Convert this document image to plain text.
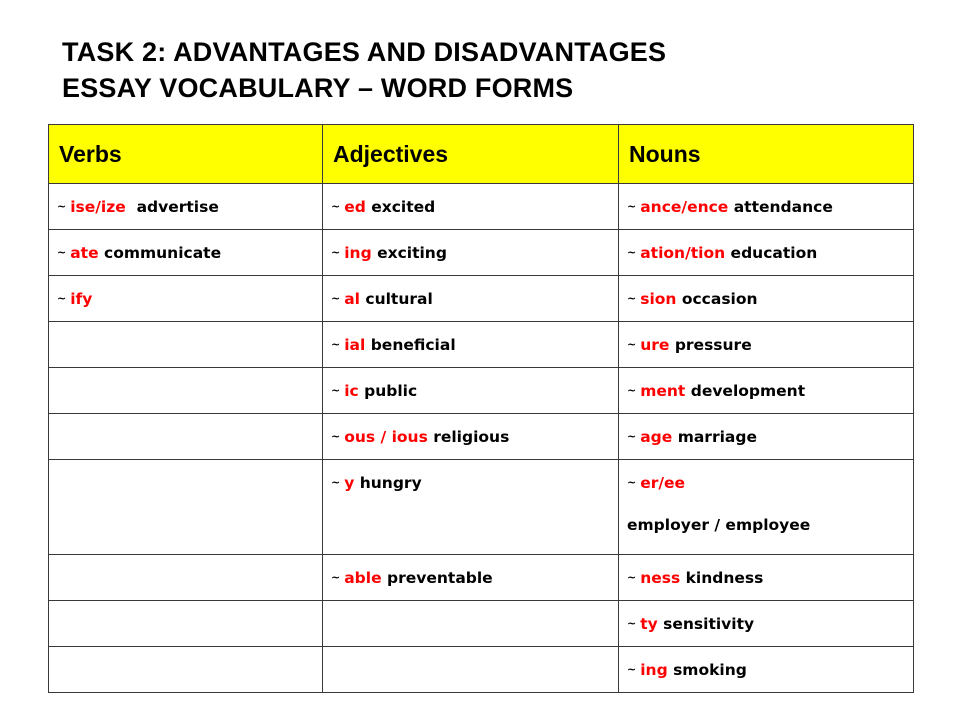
TASK 2: ADVANTAGES AND DISADVANTAGES
ESSAY VOCABULARY – WORD FORMS
Verbs	Adjectives	Nouns

~ ise/ize  advertise	~ ed excited	~ ance/ence attendance

~ ate communicate	~ ing exciting	~ ation/tion education

~ ify	~ al cultural	~ sion occasion

	~ ial beneficial	~ ure pressure

	~ ic public	~ ment development

	~ ous / ious religious	~ age marriage

	~ y hungry	~ er/ee
employer / employee

	~ able preventable	~ ness kindness

		~ ty sensitivity

		~ ing smoking
